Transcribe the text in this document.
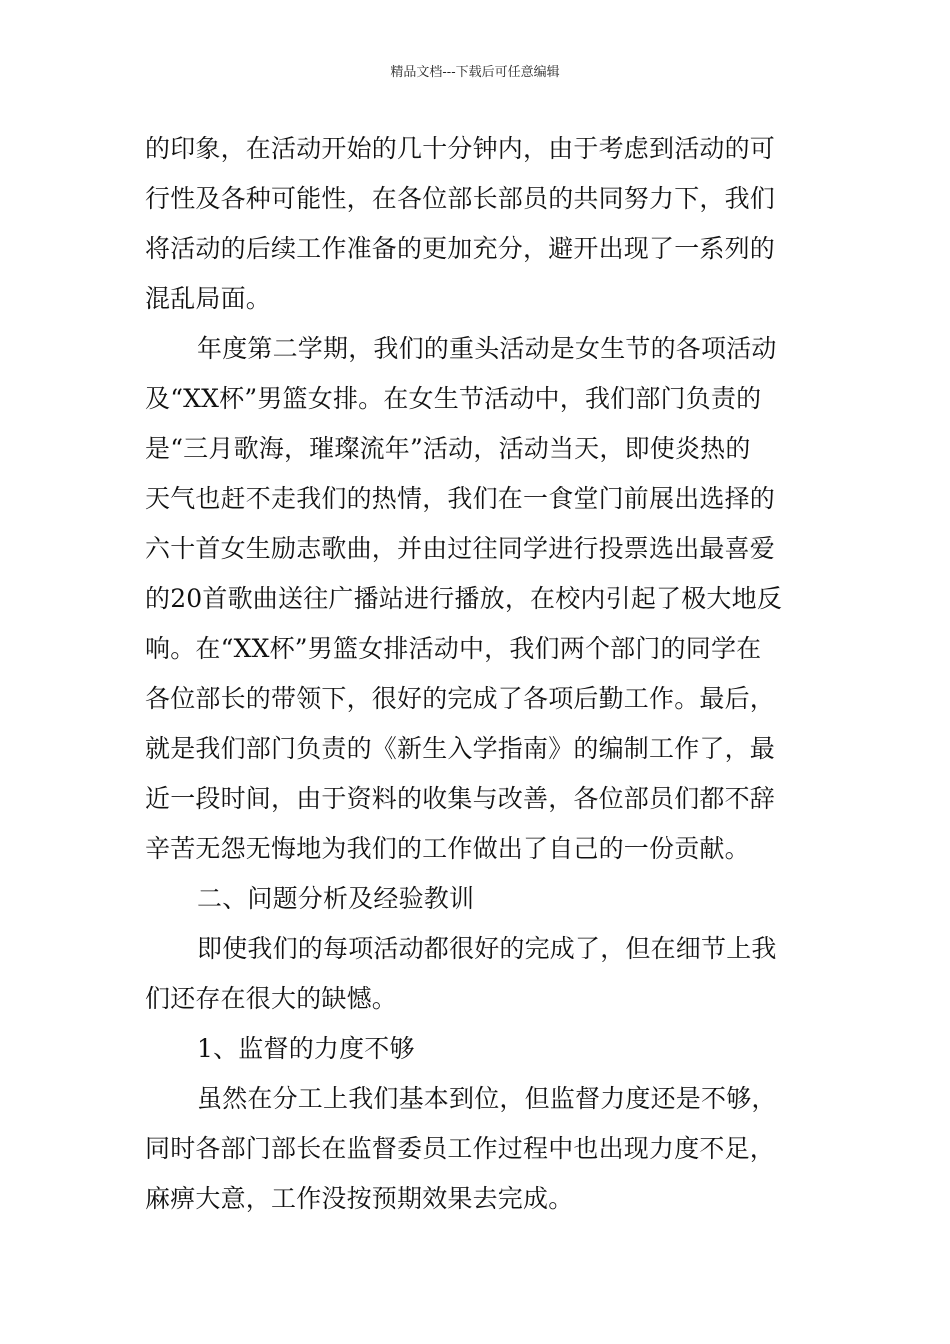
精品文档---下载后可任意编辑
的印象，在活动开始的几十分钟内，由于考虑到活动的可
行性及各种可能性，在各位部长部员的共同努力下，我们
将活动的后续工作准备的更加充分，避开出现了一系列的
混乱局面。
年度第二学期，我们的重头活动是女生节的各项活动
及“XX杯”男篮女排。在女生节活动中，我们部门负责的
是“三月歌海，璀璨流年”活动，活动当天，即使炎热的
天气也赶不走我们的热情，我们在一食堂门前展出选择的
六十首女生励志歌曲，并由过往同学进行投票选出最喜爱
的20首歌曲送往广播站进行播放，在校内引起了极大地反
响。在“XX杯”男篮女排活动中，我们两个部门的同学在
各位部长的带领下，很好的完成了各项后勤工作。最后，
就是我们部门负责的《新生入学指南》的编制工作了，最
近一段时间，由于资料的收集与改善，各位部员们都不辞
辛苦无怨无悔地为我们的工作做出了自己的一份贡献。
二、问题分析及经验教训
即使我们的每项活动都很好的完成了，但在细节上我
们还存在很大的缺憾。
1、监督的力度不够
虽然在分工上我们基本到位，但监督力度还是不够，
同时各部门部长在监督委员工作过程中也出现力度不足，
麻痹大意，工作没按预期效果去完成。
